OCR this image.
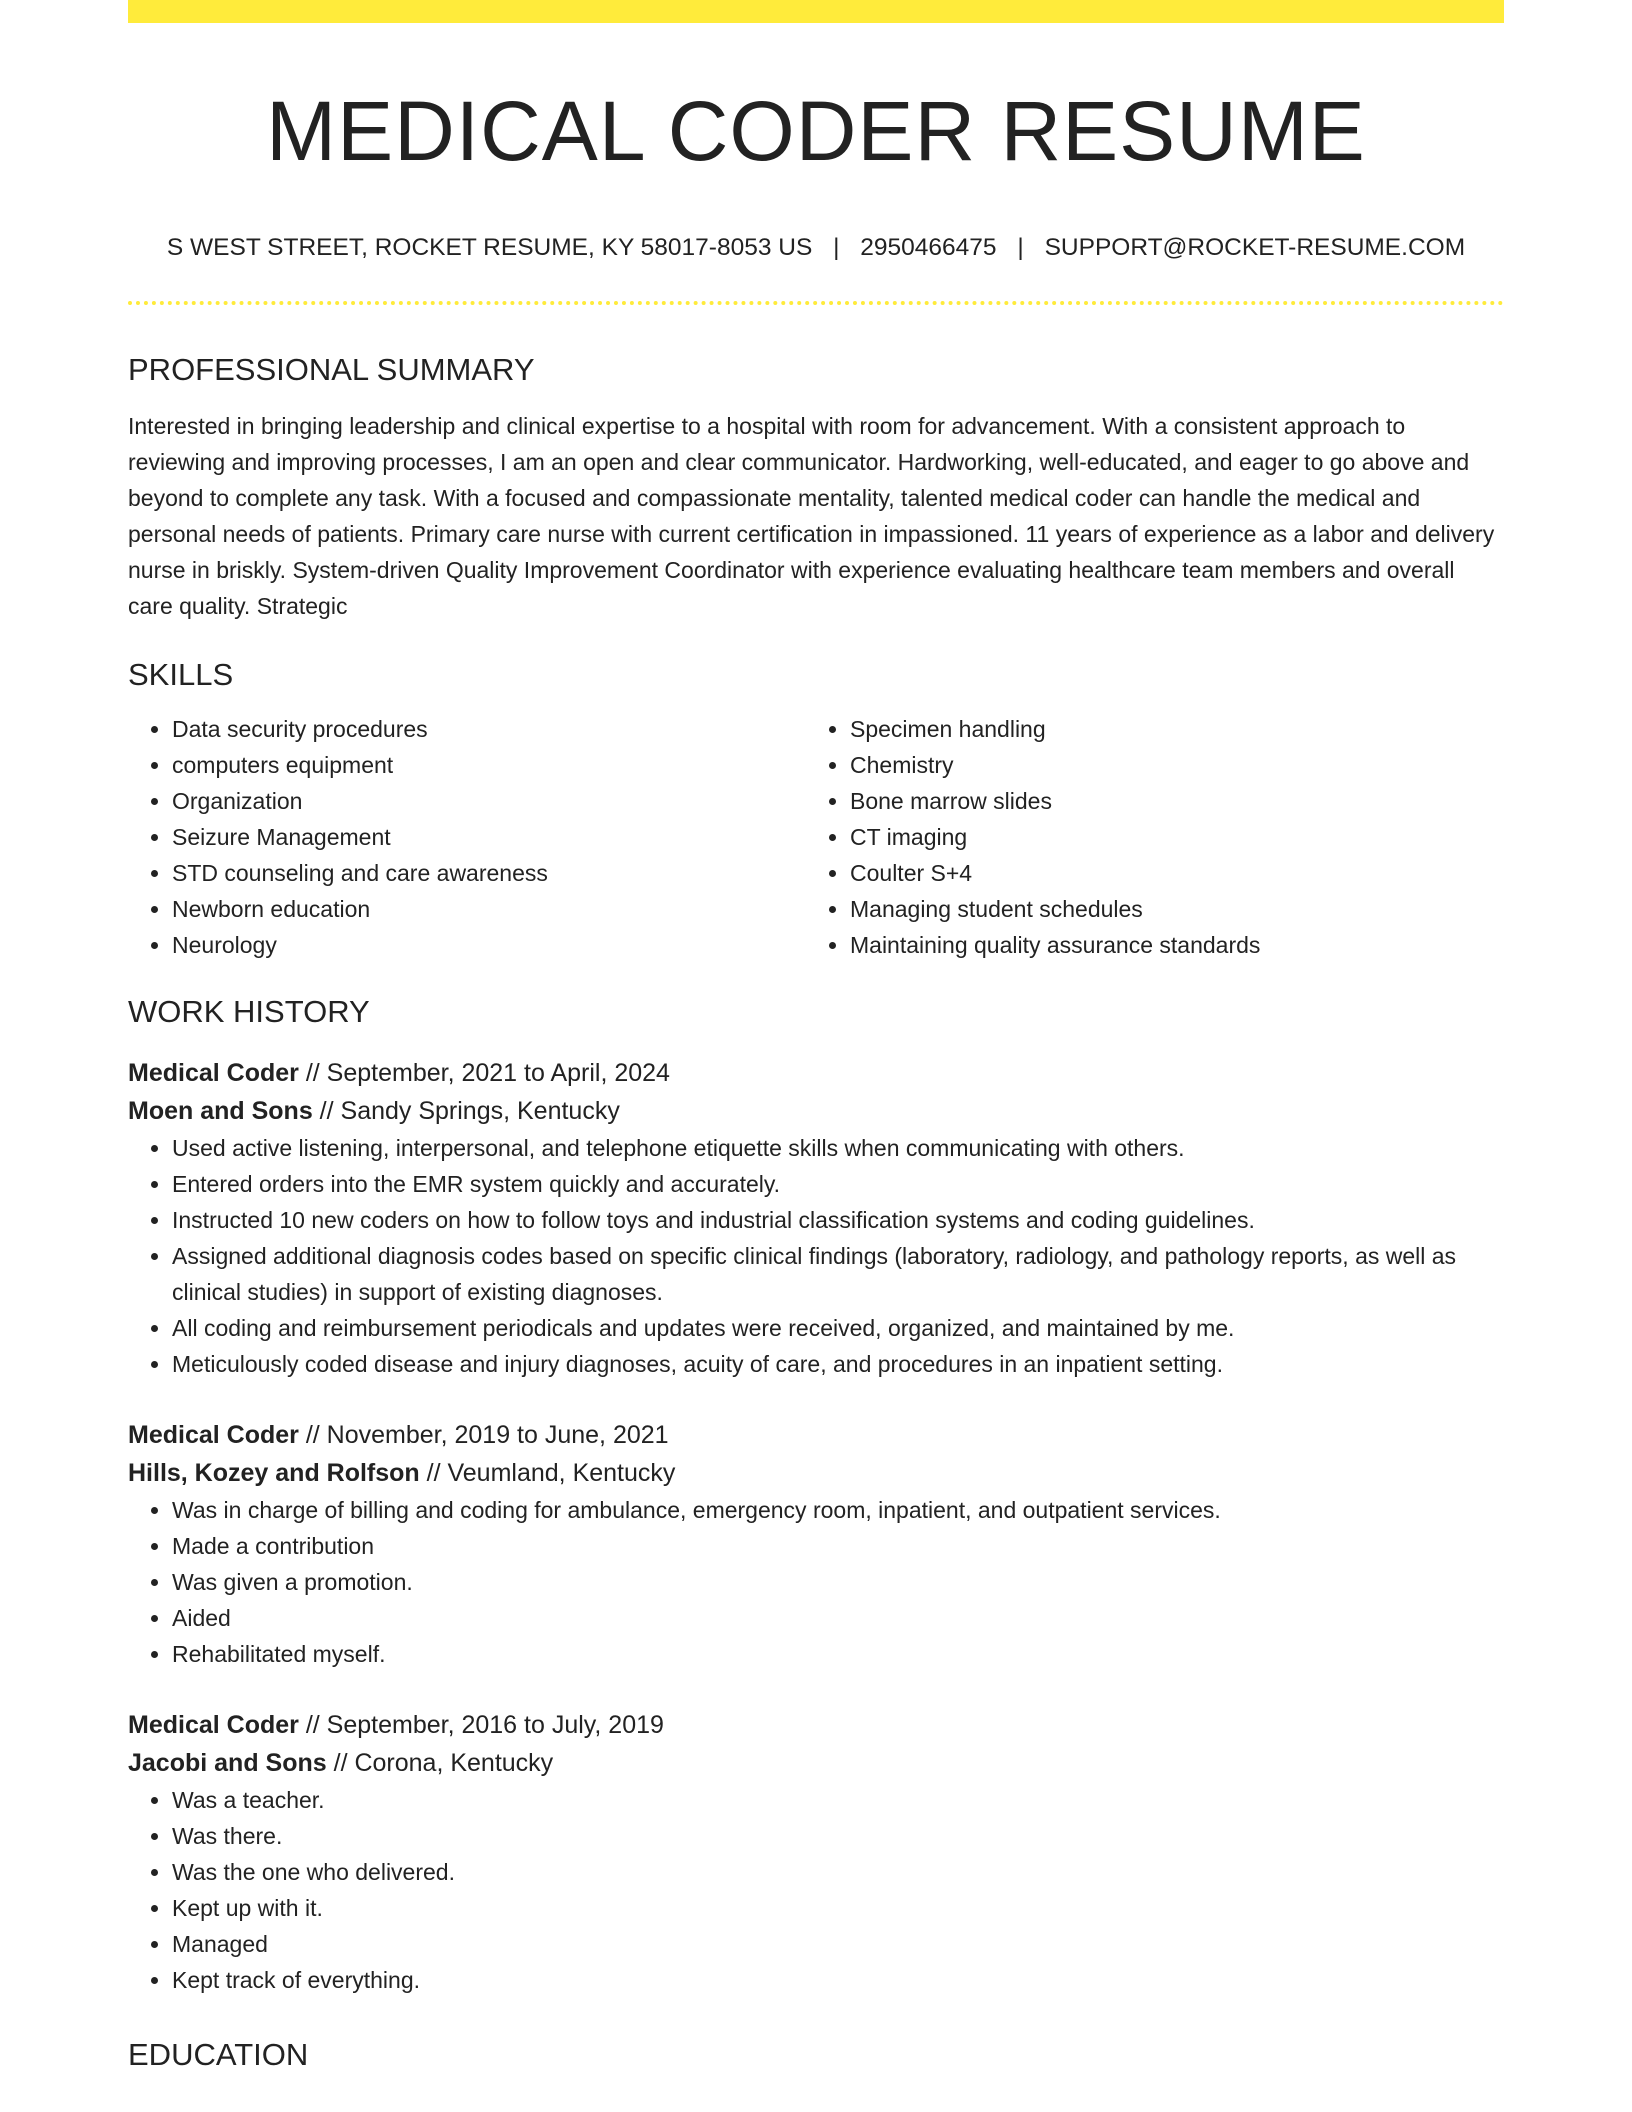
MEDICAL CODER RESUME
S WEST STREET, ROCKET RESUME, KY 58017-8053 US | 2950466475 | SUPPORT@ROCKET-RESUME.COM
PROFESSIONAL SUMMARY

Interested in bringing leadership and clinical expertise to a hospital with room for advancement. With a consistent approach to reviewing and improving processes, I am an open and clear communicator. Hardworking, well-educated, and eager to go above and beyond to complete any task. With a focused and compassionate mentality, talented medical coder can handle the medical and personal needs of patients. Primary care nurse with current certification in impassioned. 11 years of experience as a labor and delivery nurse in briskly. System-driven Quality Improvement Coordinator with experience evaluating healthcare team members and overall care quality. Strategic

SKILLS
• Data security procedures
• computers equipment
• Organization
• Seizure Management
• STD counseling and care awareness
• Newborn education
• Neurology
• Specimen handling
• Chemistry
• Bone marrow slides
• CT imaging
• Coulter S+4
• Managing student schedules
• Maintaining quality assurance standards
WORK HISTORY
Medical Coder // September, 2021 to April, 2024
Moen and Sons // Sandy Springs, Kentucky
• Used active listening, interpersonal, and telephone etiquette skills when communicating with others.
• Entered orders into the EMR system quickly and accurately.
• Instructed 10 new coders on how to follow toys and industrial classification systems and coding guidelines.
• Assigned additional diagnosis codes based on specific clinical findings (laboratory, radiology, and pathology reports, as well as clinical studies) in support of existing diagnoses.
• All coding and reimbursement periodicals and updates were received, organized, and maintained by me.
• Meticulously coded disease and injury diagnoses, acuity of care, and procedures in an inpatient setting.
Medical Coder // November, 2019 to June, 2021
Hills, Kozey and Rolfson // Veumland, Kentucky
• Was in charge of billing and coding for ambulance, emergency room, inpatient, and outpatient services.
• Made a contribution
• Was given a promotion.
• Aided
• Rehabilitated myself.
Medical Coder // September, 2016 to July, 2019
Jacobi and Sons // Corona, Kentucky
• Was a teacher.
• Was there.
• Was the one who delivered.
• Kept up with it.
• Managed
• Kept track of everything.
EDUCATION
